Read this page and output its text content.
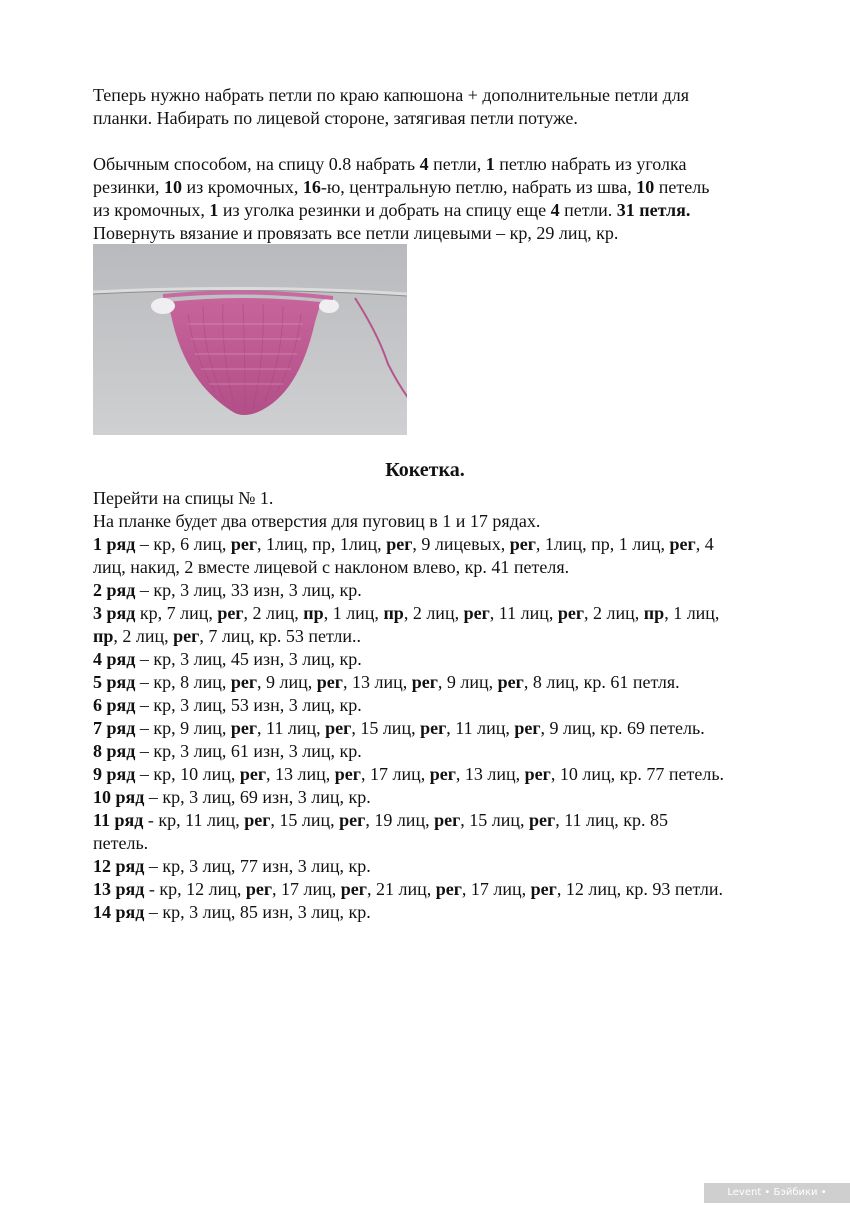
Теперь нужно набрать петли по краю капюшона + дополнительные петли для

планки. Набирать по лицевой стороне, затягивая петли потуже.

Обычным способом, на спицу 0.8 набрать 4 петли, 1 петлю набрать из уголка

резинки, 10 из кромочных, 16-ю, центральную петлю, набрать из шва, 10 петель

из кромочных, 1 из уголка резинки и добрать на спицу еще 4 петли. 31 петля.

Повернуть вязание и провязать все петли лицевыми – кр, 29 лиц, кр.

Кокетка.

Перейти на спицы № 1.

На планке будет два отверстия для пуговиц в 1 и 17 рядах.

1 ряд – кр, 6 лиц, рег, 1лиц, пр, 1лиц, рег, 9 лицевых, рег, 1лиц, пр, 1 лиц, рег, 4

лиц, накид, 2 вместе лицевой с наклоном влево, кр. 41 петеля.

2 ряд – кр, 3 лиц, 33 изн, 3 лиц, кр.

3 ряд кр, 7 лиц, рег, 2 лиц, пр, 1 лиц, пр, 2 лиц, рег, 11 лиц, рег, 2 лиц, пр, 1 лиц,

пр, 2 лиц, рег, 7 лиц, кр. 53 петли..

4 ряд – кр, 3 лиц, 45 изн, 3 лиц, кр.

5 ряд – кр, 8 лиц, рег, 9 лиц, рег, 13 лиц, рег, 9 лиц, рег, 8 лиц, кр. 61 петля.

6 ряд – кр, 3 лиц, 53 изн, 3 лиц, кр.

7 ряд – кр, 9 лиц, рег, 11 лиц, рег, 15 лиц, рег, 11 лиц, рег, 9 лиц, кр. 69 петель.

8 ряд – кр, 3 лиц, 61 изн, 3 лиц, кр.

9 ряд – кр, 10 лиц, рег, 13 лиц, рег, 17 лиц, рег, 13 лиц, рег, 10 лиц, кр. 77 петель.

10 ряд – кр, 3 лиц, 69 изн, 3 лиц, кр.

11 ряд - кр, 11 лиц, рег, 15 лиц, рег, 19 лиц, рег, 15 лиц, рег, 11 лиц, кр. 85

петель.

12 ряд – кр, 3 лиц, 77 изн, 3 лиц, кр.

13 ряд - кр, 12 лиц, рег, 17 лиц, рег, 21 лиц, рег, 17 лиц, рег, 12 лиц, кр. 93 петли.

14 ряд – кр, 3 лиц, 85 изн, 3 лиц, кр.

Levent • Бэйбики • babiki.ru
